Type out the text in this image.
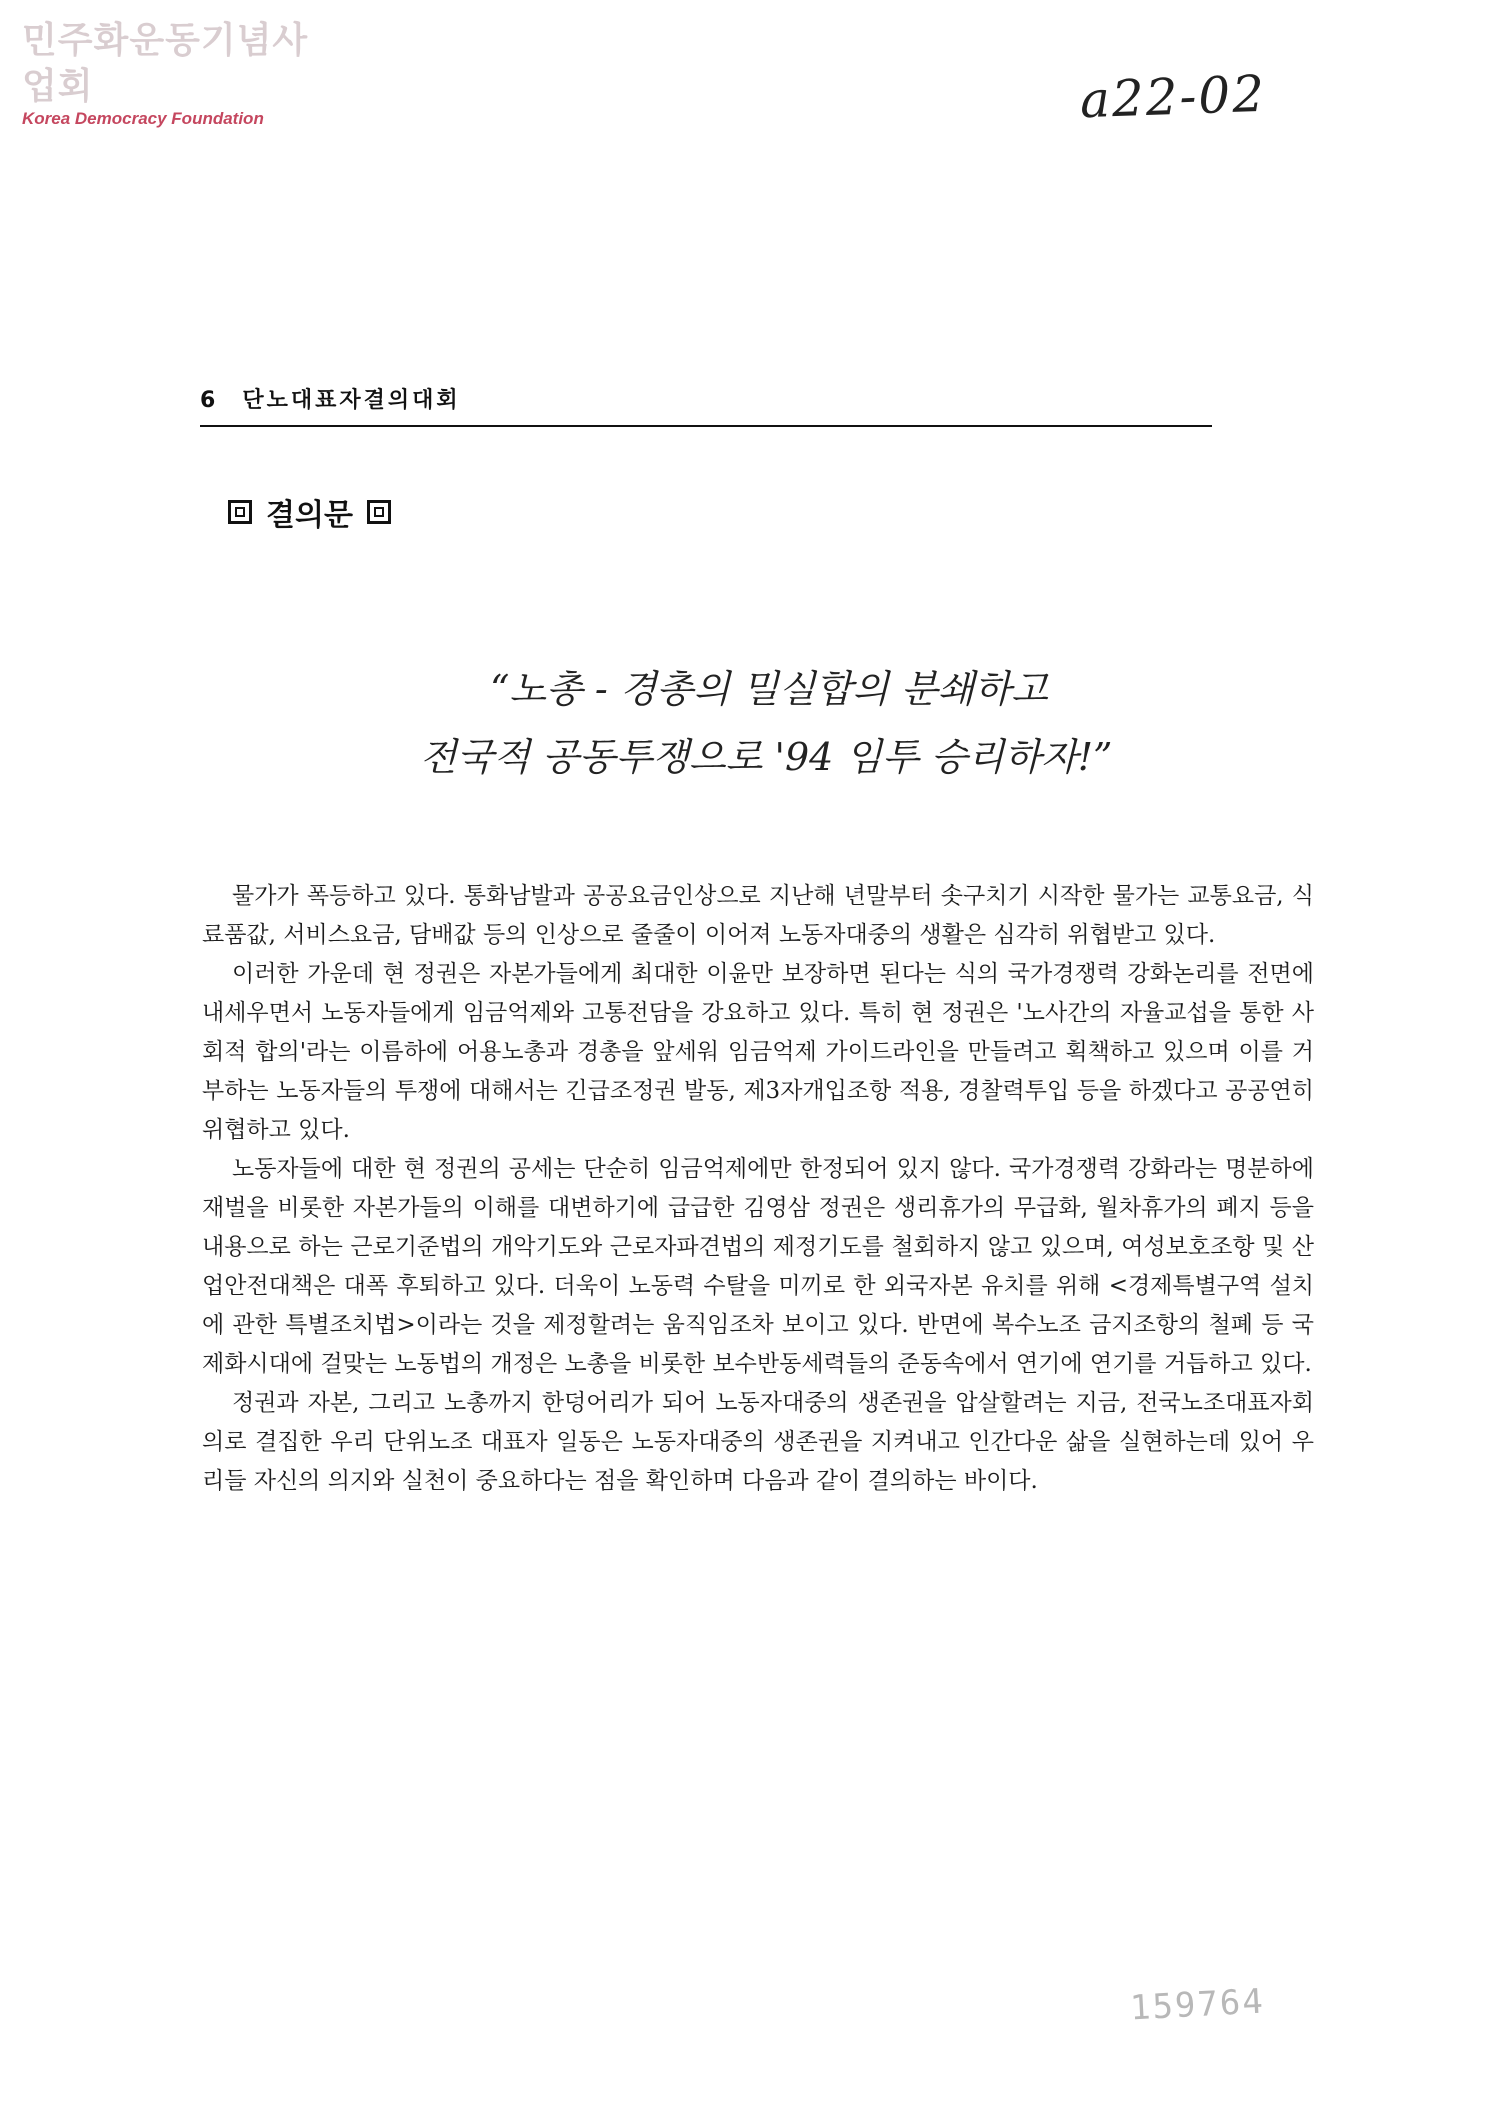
민주화운동기념사업회
Korea Democracy Foundation	a22-02
6 단노대표자결의대회
결의문
“노총 - 경총의 밀실합의 분쇄하고
전국적 공동투쟁으로 '94 임투 승리하자!”

물가가 폭등하고 있다. 통화남발과 공공요금인상으로 지난해 년말부터 솟구치기 시작한 물가는 교통요금, 식료품값, 서비스요금, 담배값 등의 인상으로 줄줄이 이어져 노동자대중의 생활은 심각히 위협받고 있다.

이러한 가운데 현 정권은 자본가들에게 최대한 이윤만 보장하면 된다는 식의 국가경쟁력 강화논리를 전면에 내세우면서 노동자들에게 임금억제와 고통전담을 강요하고 있다. 특히 현 정권은 '노사간의 자율교섭을 통한 사회적 합의'라는 이름하에 어용노총과 경총을 앞세워 임금억제 가이드라인을 만들려고 획책하고 있으며 이를 거부하는 노동자들의 투쟁에 대해서는 긴급조정권 발동, 제3자개입조항 적용, 경찰력투입 등을 하겠다고 공공연히 위협하고 있다.

노동자들에 대한 현 정권의 공세는 단순히 임금억제에만 한정되어 있지 않다. 국가경쟁력 강화라는 명분하에 재벌을 비롯한 자본가들의 이해를 대변하기에 급급한 김영삼 정권은 생리휴가의 무급화, 월차휴가의 폐지 등을 내용으로 하는 근로기준법의 개악기도와 근로자파견법의 제정기도를 철회하지 않고 있으며, 여성보호조항 및 산업안전대책은 대폭 후퇴하고 있다. 더욱이 노동력 수탈을 미끼로 한 외국자본 유치를 위해 <경제특별구역 설치에 관한 특별조치법>이라는 것을 제정할려는 움직임조차 보이고 있다. 반면에 복수노조 금지조항의 철폐 등 국제화시대에 걸맞는 노동법의 개정은 노총을 비롯한 보수반동세력들의 준동속에서 연기에 연기를 거듭하고 있다.

정권과 자본, 그리고 노총까지 한덩어리가 되어 노동자대중의 생존권을 압살할려는 지금, 전국노조대표자회의로 결집한 우리 단위노조 대표자 일동은 노동자대중의 생존권을 지켜내고 인간다운 삶을 실현하는데 있어 우리들 자신의 의지와 실천이 중요하다는 점을 확인하며 다음과 같이 결의하는 바이다.

159764
